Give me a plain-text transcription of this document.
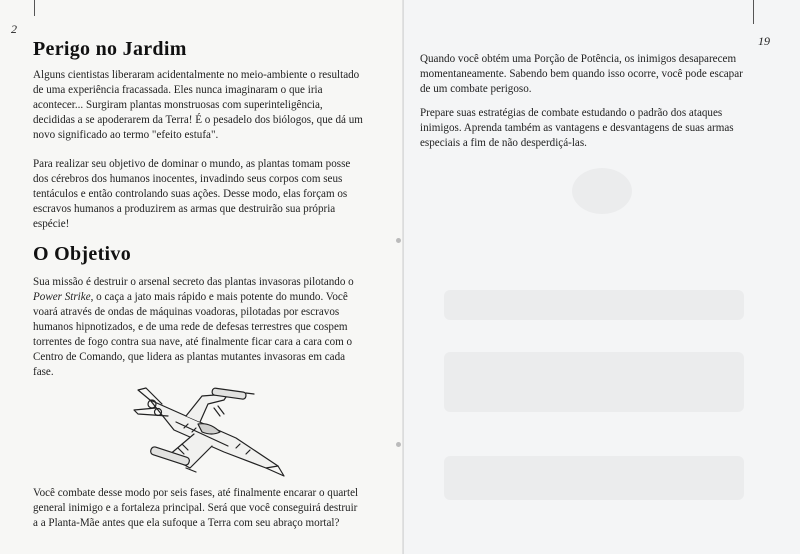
2
Perigo no Jardim

Alguns cientistas liberaram acidentalmente no meio-ambiente o resultado de uma experiência fracassada. Eles nunca imaginaram o que iria acontecer... Surgiram plantas monstruosas com superinteligência, decididas a se apoderarem da Terra! É o pesadelo dos biólogos, que dá um novo significado ao termo "efeito estufa".

Para realizar seu objetivo de dominar o mundo, as plantas tomam posse dos cérebros dos humanos inocentes, invadindo seus corpos com seus tentáculos e então controlando suas ações. Desse modo, elas forçam os escravos humanos a produzirem as armas que destruirão sua própria espécie!

O Objetivo

Sua missão é destruir o arsenal secreto das plantas invasoras pilotando o Power Strike, o caça a jato mais rápido e mais potente do mundo. Você voará através de ondas de máquinas voadoras, pilotadas por escravos humanos hipnotizados, e de uma rede de defesas terrestres que cospem torrentes de fogo contra sua nave, até finalmente ficar cara a cara com o Centro de Comando, que lidera as plantas mutantes invasoras em cada fase.

Você combate desse modo por seis fases, até finalmente encarar o quartel general inimigo e a fortaleza principal. Será que você conseguirá destruir a a Planta-Mãe antes que ela sufoque a Terra com seu abraço mortal?

19

Quando você obtém uma Porção de Potência, os inimigos desaparecem momentaneamente. Sabendo bem quando isso ocorre, você pode escapar de um combate perigoso.

Prepare suas estratégias de combate estudando o padrão dos ataques inimigos. Aprenda também as vantagens e desvantagens de suas armas especiais a fim de não desperdiçá-las.
